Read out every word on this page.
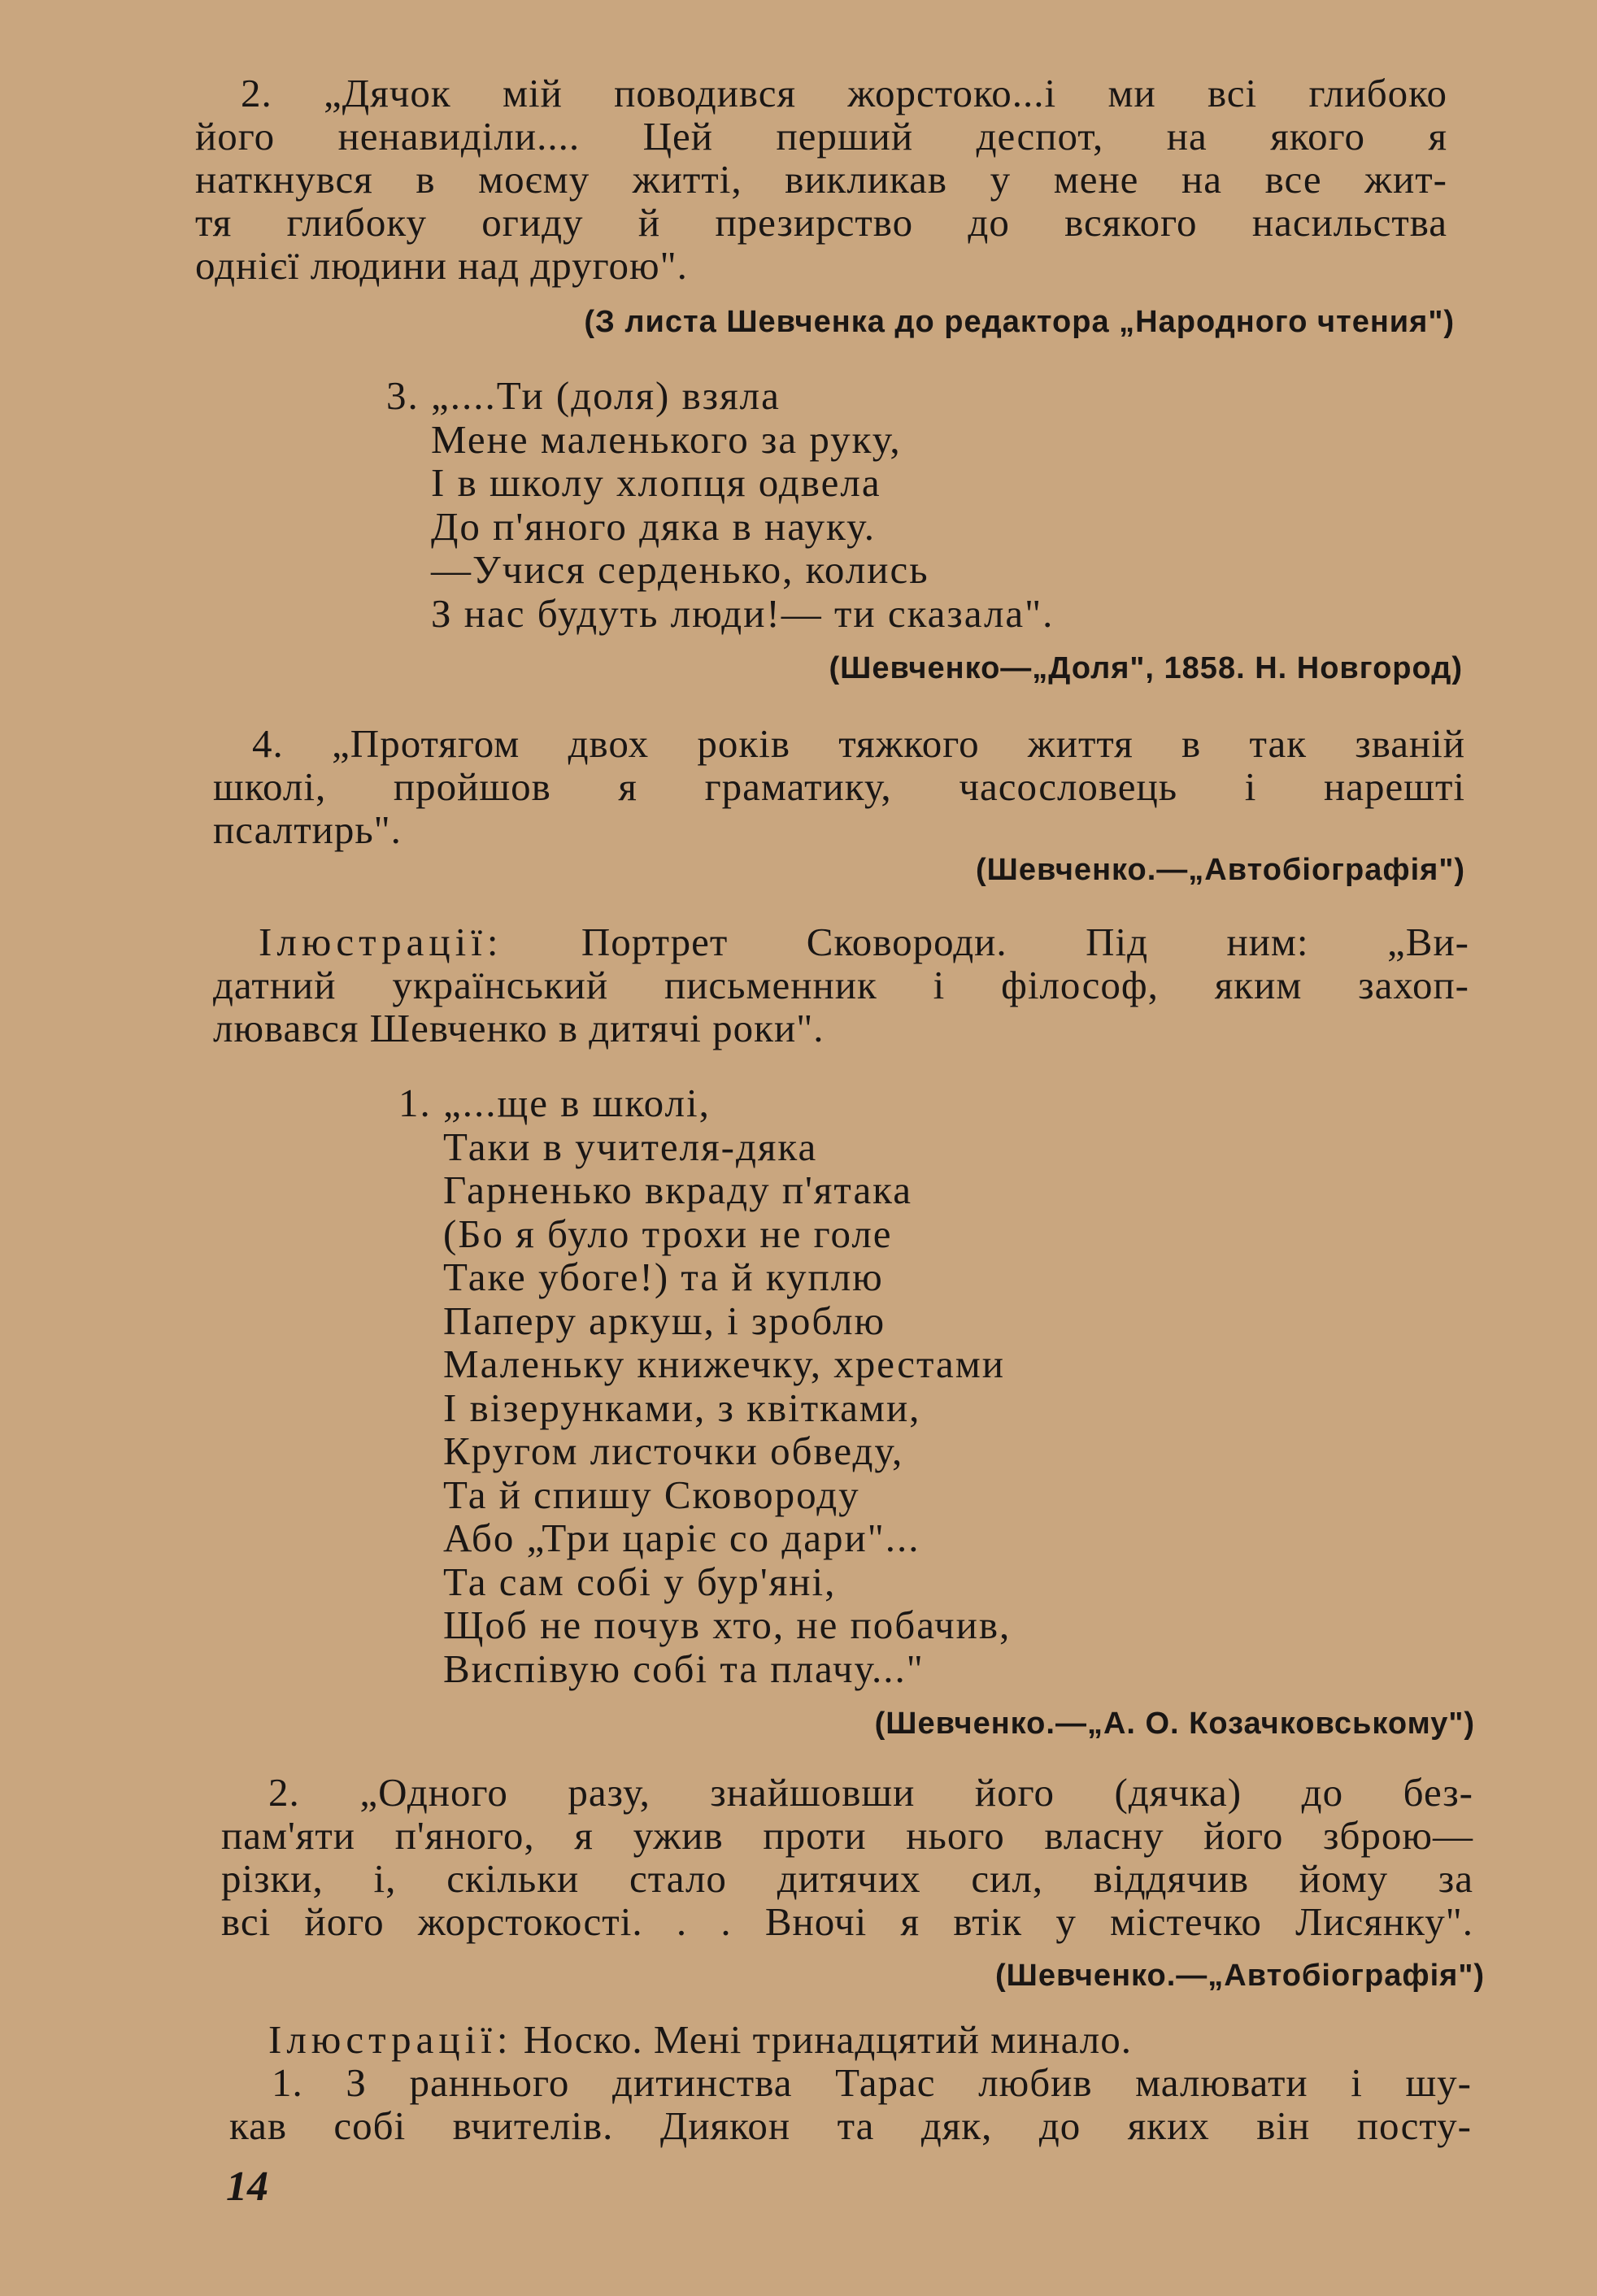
2. „Дячок мій поводився жорстоко...і ми всі глибоко
його ненавиділи.... Цей перший деспот, на якого я
наткнувся в моєму житті, викликав у мене на все жит-
тя глибоку огиду й презирство до всякого насильства
однієї людини над другою".
(З листа Шевченка до редактора „Народного чтения")
3. „....Ти (доля) взяла
Мене маленького за руку,
І в школу хлопця одвела
До п'яного дяка в науку.
—Учися серденько, колись
З нас будуть люди!— ти сказала".
(Шевченко—„Доля", 1858. Н. Новгород)
4. „Протягом двох років тяжкого життя в так званій
школі, пройшов я граматику, часословець і нарешті
псалтирь".
(Шевченко.—„Автобіографія")
Ілюстрації: Портрет Сковороди. Під ним: „Ви-
датний український письменник і філософ, яким захоп-
лювався Шевченко в дитячі роки".
1. „...ще в школі,
Таки в учителя-дяка
Гарненько вкраду п'ятака
(Бо я було трохи не голе
Таке убоге!) та й куплю
Паперу аркуш, і зроблю
Маленьку книжечку, хрестами
І візерунками, з квітками,
Кругом листочки обведу,
Та й спишу Сковороду
Або „Три царіє со дари"...
Та сам собі у бур'яні,
Щоб не почув хто, не побачив,
Виспівую собі та плачу..."
(Шевченко.—„А. О. Козачковському")
2. „Одного разу, знайшовши його (дячка) до без-
пам'яти п'яного, я ужив проти нього власну його зброю—
різки, і, скільки стало дитячих сил, віддячив йому за
всі його жорстокості. . . Вночі я втік у містечко Лисянку".
(Шевченко.—„Автобіографія")
Ілюстрації: Носко. Мені тринадцятий минало.
1. З раннього дитинства Тарас любив малювати і шу-
кав собі вчителів. Диякон та дяк, до яких він посту-
14
